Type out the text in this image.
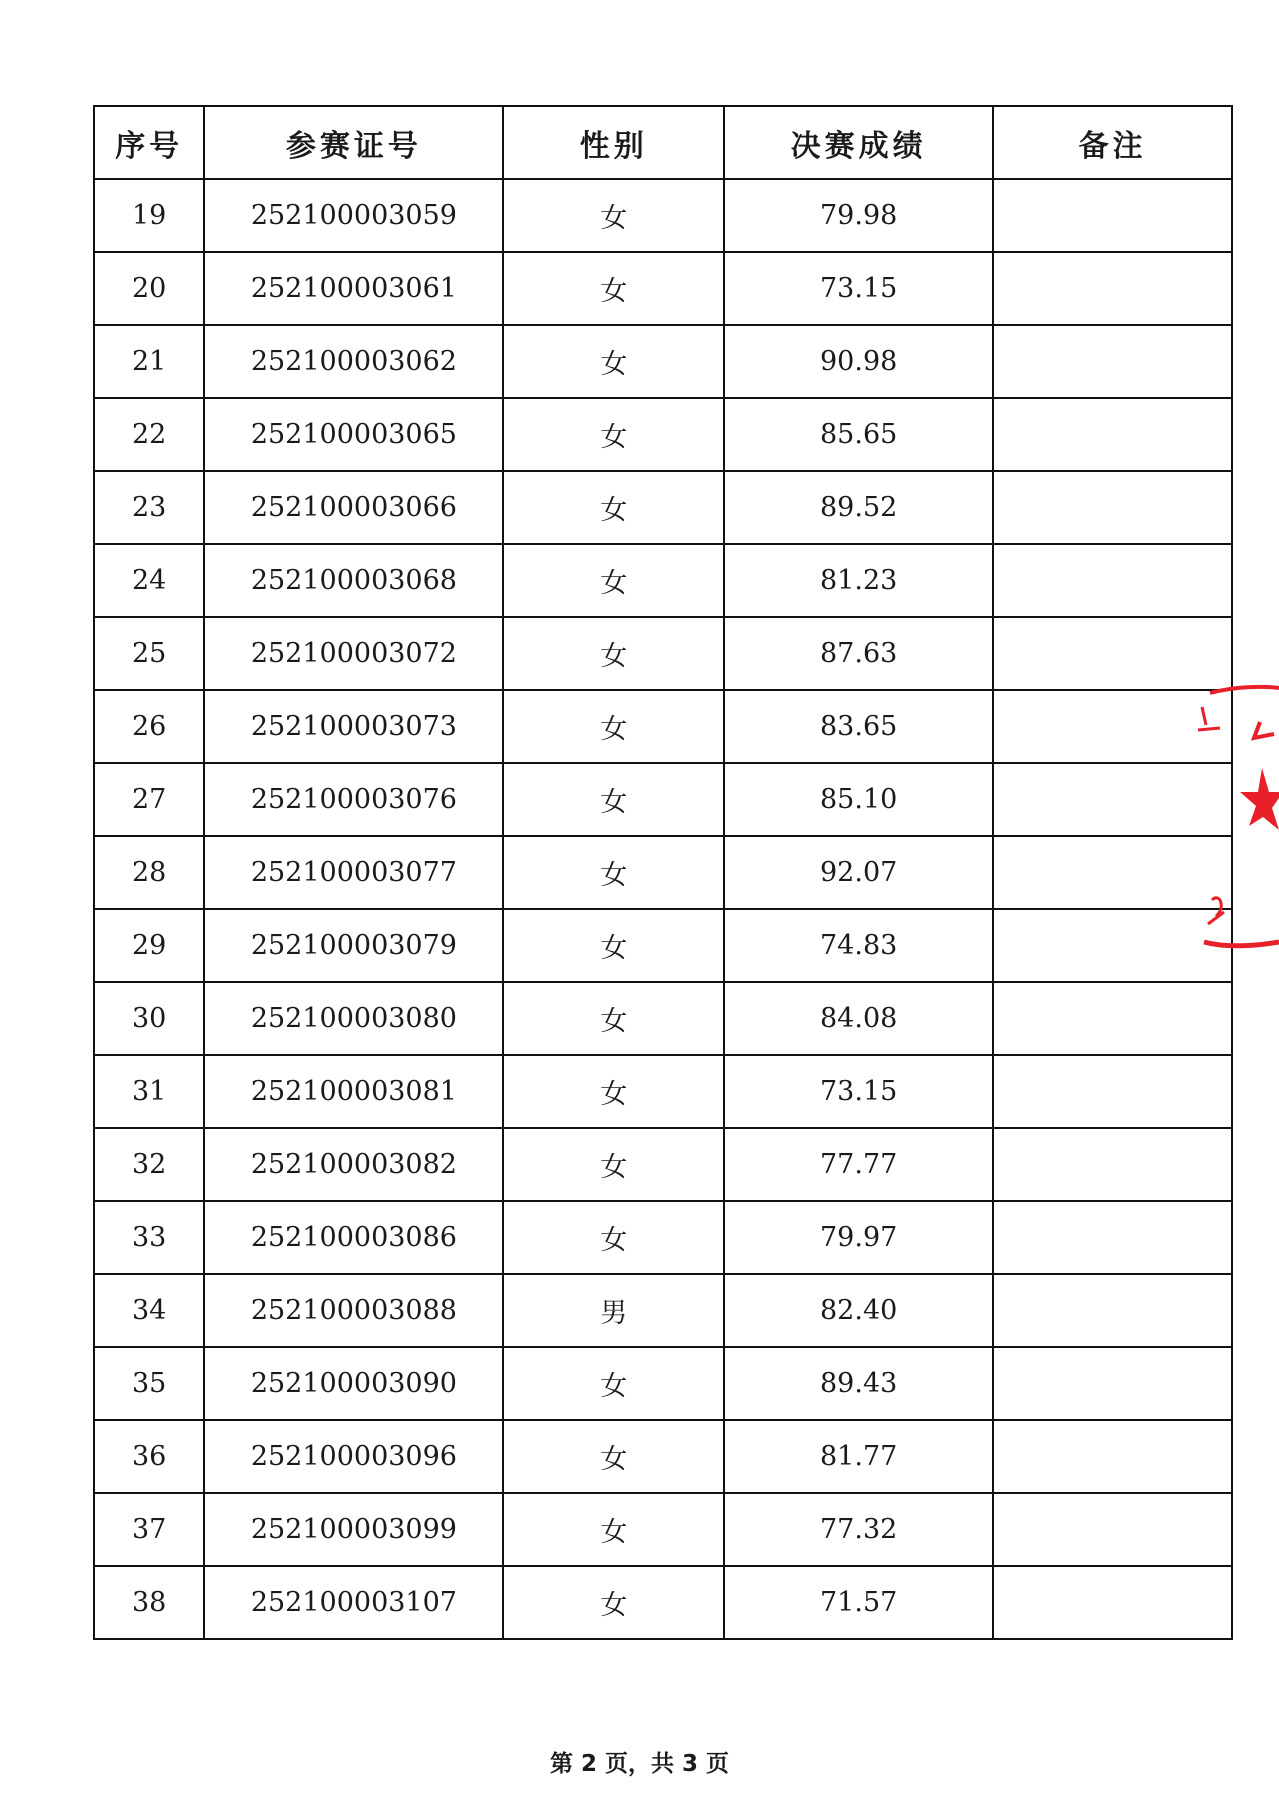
序号	参赛证号	性别	决赛成绩	备注
19	252100003059	女	79.98	
20	252100003061	女	73.15	
21	252100003062	女	90.98	
22	252100003065	女	85.65	
23	252100003066	女	89.52	
24	252100003068	女	81.23	
25	252100003072	女	87.63	
26	252100003073	女	83.65	
27	252100003076	女	85.10	
28	252100003077	女	92.07	
29	252100003079	女	74.83	
30	252100003080	女	84.08	
31	252100003081	女	73.15	
32	252100003082	女	77.77	
33	252100003086	女	79.97	
34	252100003088	男	82.40	
35	252100003090	女	89.43	
36	252100003096	女	81.77	
37	252100003099	女	77.32	
38	252100003107	女	71.57	
第 2 页，共 3 页
